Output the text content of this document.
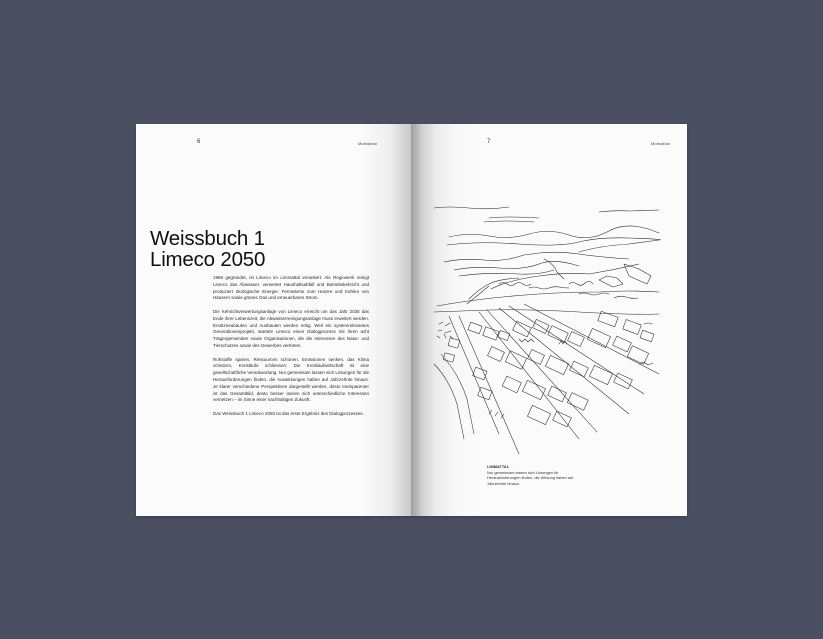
6	Motivation
Weissbuch 1
Limeco 2050

1969 gegründet, ist Limeco im Limmattal verankert. Als Regiowerk reinigt Limeco das Abwasser, verwertet Haushaltsabfall und Betriebskehricht und produziert ökologische Energie: Fernwärme zum Heizen und Kühlen von Häusern sowie grünes Gas und erneuerbaren Strom.

Die Kehrichtverwertungsanlage von Limeco erreicht um das Jahr 2035 das Ende ihrer Lebenszeit, die Abwasserreinigungsanlage muss erweitert werden. Ersatzneubauten und Ausbauten werden nötig. Weil ein systemrelevantes Generationenprojekt, startete Limeco einen Dialogprozess mit ihren acht Trägergemeinden sowie Organisationen, die die Interessen des Natur- und Tierschutzes sowie des Gewerbes vertreten.

Rohstoffe sparen, Ressourcen schonen, Emissionen senken, das Klima schützen, Kreisläufe schliessen: Die Kreislaufwirtschaft ist eine gesellschaftliche Verantwortung. Nur gemeinsam lassen sich Lösungen für die Herausforderungen finden, die Auswirkungen haben auf Jahrzehnte hinaus. Je klarer verschiedene Perspektiven dargestellt werden, desto transparenter ist das Gesamtbild, desto besser lassen sich unterschiedliche Interessen vernetzen – im Sinne einer nachhaltigen Zukunft.

Das Weissbuch 1 Limeco 2050 ist das erste Ergebnis des Dialogprozesses.

7	Motivation
LIMMATTAL
Nur gemeinsam lassen sich Lösungen für Herausforderungen finden, die Wirkung haben auf Jahrzehnte hinaus.
